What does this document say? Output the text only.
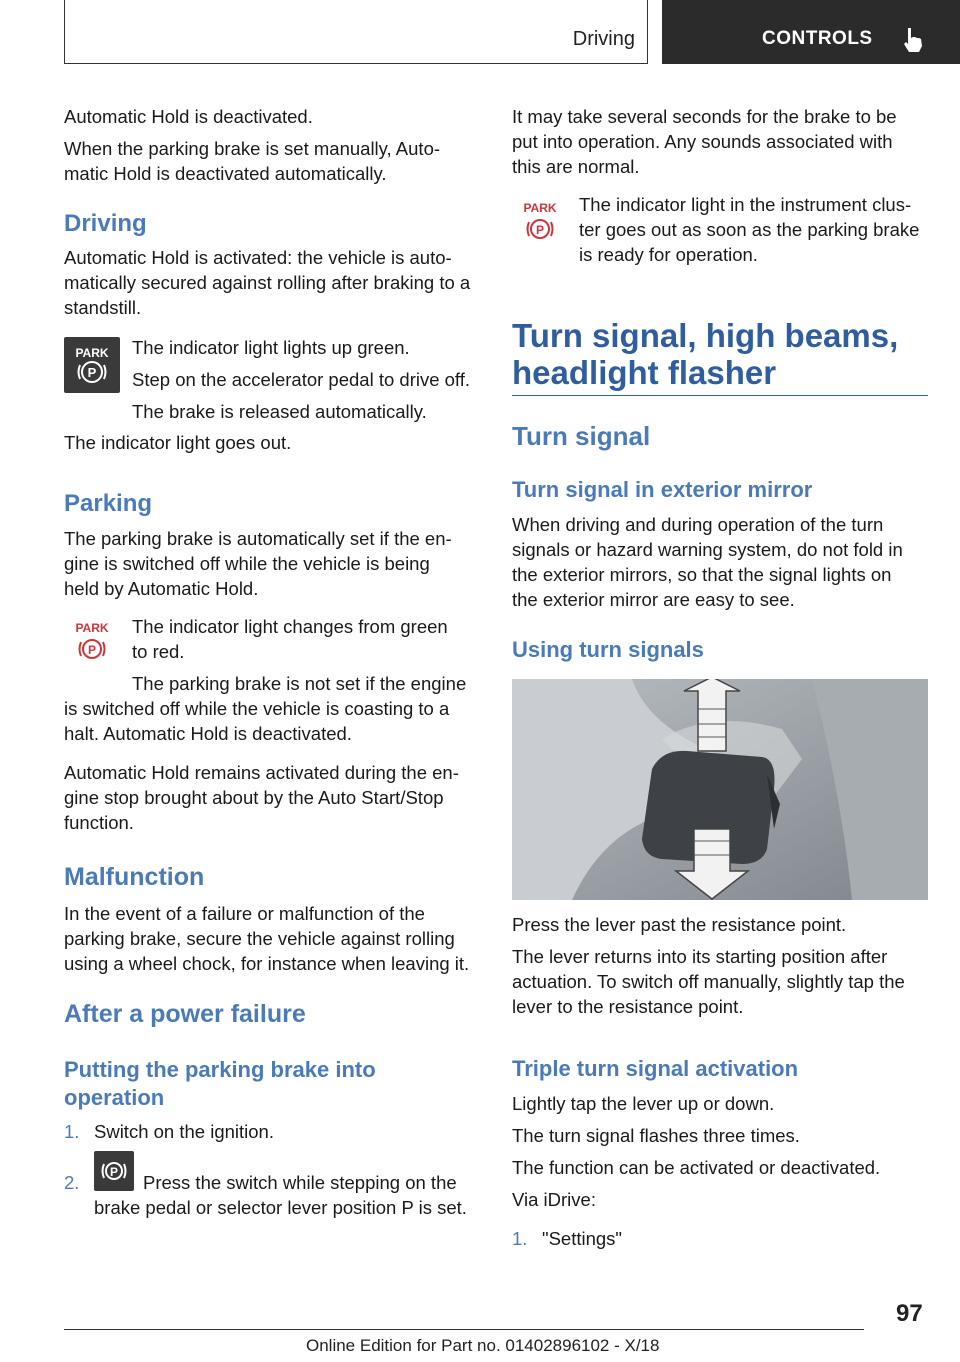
Driving	CONTROLS

Automatic Hold is deactivated.

When the parking brake is set manually, Auto‐

matic Hold is deactivated automatically.

Driving

Automatic Hold is activated: the vehicle is auto‐

matically secured against rolling after braking to a

standstill.

PARK
P

The indicator light lights up green.

Step on the accelerator pedal to drive off.

The brake is released automatically.

The indicator light goes out.
Parking

The parking brake is automatically set if the en‐

gine is switched off while the vehicle is being

held by Automatic Hold.

PARK
P

The indicator light changes from green

to red.

The parking brake is not set if the engine

is switched off while the vehicle is coasting to a

halt. Automatic Hold is deactivated.

Automatic Hold remains activated during the en‐

gine stop brought about by the Auto Start/Stop

function.

Malfunction

In the event of a failure or malfunction of the

parking brake, secure the vehicle against rolling

using a wheel chock, for instance when leaving it.

After a power failure

Putting the parking brake into

operation

1. Switch on the ignition.
2.	P Press the switch while stepping on the
brake pedal or selector lever position P is set.

It may take several seconds for the brake to be

put into operation. Any sounds associated with

this are normal.

PARK
P

The indicator light in the instrument clus‐

ter goes out as soon as the parking brake

is ready for operation.

Turn signal, high beams,

headlight flasher

Turn signal
Turn signal in exterior mirror

When driving and during operation of the turn

signals or hazard warning system, do not fold in

the exterior mirrors, so that the signal lights on

the exterior mirror are easy to see.

Using turn signals

Press the lever past the resistance point.

The lever returns into its starting position after

actuation. To switch off manually, slightly tap the

lever to the resistance point.

Triple turn signal activation

Lightly tap the lever up or down.

The turn signal flashes three times.

The function can be activated or deactivated.

Via iDrive:

1. "Settings"

97
Online Edition for Part no. 01402896102 - X/18
